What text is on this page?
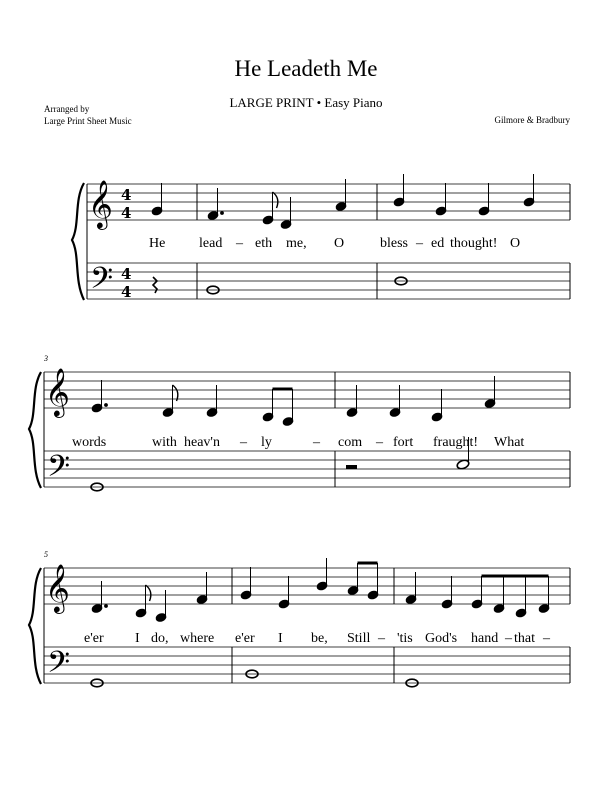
He Leadeth Me
LARGE PRINT • Easy Piano
Arranged by
Large Print Sheet Music	Gilmore & Bradbury
𝄞
𝄢
4
4
4
4
He lead – eth me, O	bless – ed thought! O
3
𝄞
𝄢
words	with heav'n – ly	– com – fort fraught! What
5
𝄞
𝄢
e'er I do, where e'er I be, Still – 'tis God's hand – that –
